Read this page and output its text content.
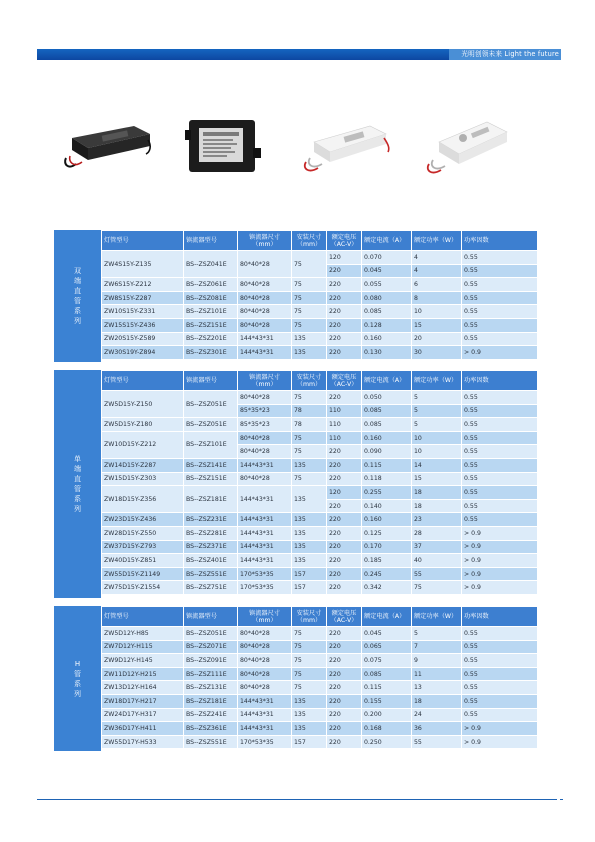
光明创领未来 Light the future
双
端
直
管
系
列
灯管型号	镇流器型号	镇流器尺寸
（mm）	安装尺寸
（mm）	额定电压
（AC-V）	额定电流（A）	额定功率（W）	功率因数
ZW4S15Y-Z135	BS--ZSZ041E	80*40*28	75	120	0.070	4	0.55
				220	0.045	4	0.55
ZW6S15Y-Z212	BS--ZSZ061E	80*40*28	75	220	0.055	6	0.55
ZW8S15Y-Z287	BS--ZSZ081E	80*40*28	75	220	0.080	8	0.55
ZW10S15Y-Z331	BS--ZSZ101E	80*40*28	75	220	0.085	10	0.55
ZW15S15Y-Z436	BS--ZSZ151E	80*40*28	75	220	0.128	15	0.55
ZW20S15Y-Z589	BS--ZSZ201E	144*43*31	135	220	0.160	20	0.55
ZW30S19Y-Z894	BS--ZSZ301E	144*43*31	135	220	0.130	30	> 0.9
单
端
直
管
系
列
灯管型号	镇流器型号	镇流器尺寸
（mm）	安装尺寸
（mm）	额定电压
（AC-V）	额定电流（A）	额定功率（W）	功率因数
ZW5D15Y-Z150	BS--ZSZ051E	80*40*28	75	220	0.050	5	0.55
		85*35*23	78	110	0.085	5	0.55
ZW5D15Y-Z180	BS--ZSZ051E	85*35*23	78	110	0.085	5	0.55
ZW10D15Y-Z212	BS--ZSZ101E	80*40*28	75	110	0.160	10	0.55
		80*40*28	75	220	0.090	10	0.55
ZW14D15Y-Z287	BS--ZSZ141E	144*43*31	135	220	0.115	14	0.55
ZW15D15Y-Z303	BS--ZSZ151E	80*40*28	75	220	0.118	15	0.55
ZW18D15Y-Z356	BS--ZSZ181E	144*43*31	135	120	0.255	18	0.55
				220	0.140	18	0.55
ZW23D15Y-Z436	BS--ZSZ231E	144*43*31	135	220	0.160	23	0.55
ZW28D15Y-Z550	BS--ZSZ281E	144*43*31	135	220	0.125	28	> 0.9
ZW37D15Y-Z793	BS--ZSZ371E	144*43*31	135	220	0.170	37	> 0.9
ZW40D15Y-Z851	BS--ZSZ401E	144*43*31	135	220	0.185	40	> 0.9
ZW55D15Y-Z1149	BS--ZSZ551E	170*53*35	157	220	0.245	55	> 0.9
ZW75D15Y-Z1554	BS--ZSZ751E	170*53*35	157	220	0.342	75	> 0.9
H
管
系
列
灯管型号	镇流器型号	镇流器尺寸
（mm）	安装尺寸
（mm）	额定电压
（AC-V）	额定电流（A）	额定功率（W）	功率因数
ZW5D12Y-H85	BS--ZSZ051E	80*40*28	75	220	0.045	5	0.55
ZW7D12Y-H115	BS--ZSZ071E	80*40*28	75	220	0.065	7	0.55
ZW9D12Y-H145	BS--ZSZ091E	80*40*28	75	220	0.075	9	0.55
ZW11D12Y-H215	BS--ZSZ111E	80*40*28	75	220	0.085	11	0.55
ZW13D12Y-H164	BS--ZSZ131E	80*40*28	75	220	0.115	13	0.55
ZW18D17Y-H217	BS--ZSZ181E	144*43*31	135	220	0.155	18	0.55
ZW24D17Y-H317	BS--ZSZ241E	144*43*31	135	220	0.200	24	0.55
ZW36D17Y-H411	BS--ZSZ361E	144*43*31	135	220	0.168	36	> 0.9
ZW55D17Y-H533	BS--ZSZ551E	170*53*35	157	220	0.250	55	> 0.9
